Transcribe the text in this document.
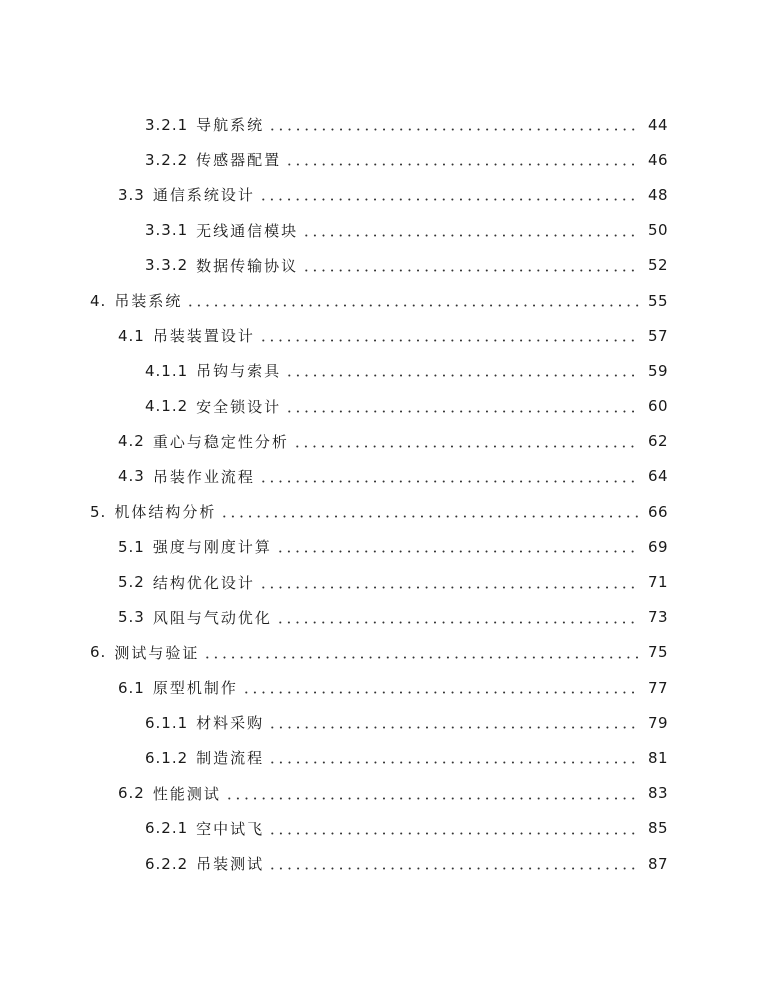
3.2.1 导航系统	44
3.2.2 传感器配置	46
3.3 通信系统设计	48
3.3.1 无线通信模块	50
3.3.2 数据传输协议	52
4. 吊装系统	55
4.1 吊装装置设计	57
4.1.1 吊钩与索具	59
4.1.2 安全锁设计	60
4.2 重心与稳定性分析	62
4.3 吊装作业流程	64
5. 机体结构分析	66
5.1 强度与刚度计算	69
5.2 结构优化设计	71
5.3 风阻与气动优化	73
6. 测试与验证	75
6.1 原型机制作	77
6.1.1 材料采购	79
6.1.2 制造流程	81
6.2 性能测试	83
6.2.1 空中试飞	85
6.2.2 吊装测试	87
